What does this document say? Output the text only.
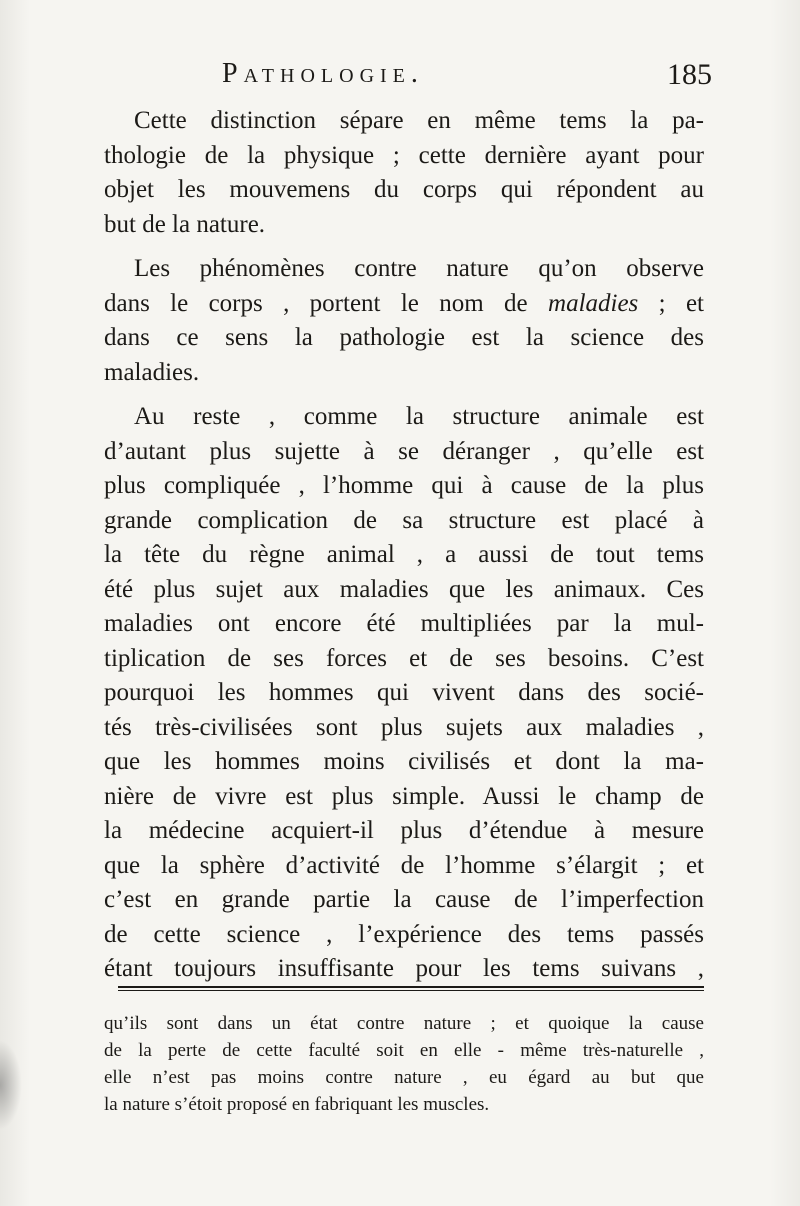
Pathologie.	185
Cette distinction sépare en même tems la pa-
thologie de la physique ; cette dernière ayant pour
objet les mouvemens du corps qui répondent au
but de la nature.
Les phénomènes contre nature qu’on observe
dans le corps , portent le nom de maladies ; et
dans ce sens la pathologie est la science des
maladies.
Au reste , comme la structure animale est
d’autant plus sujette à se déranger , qu’elle est
plus compliquée , l’homme qui à cause de la plus
grande complication de sa structure est placé à
la tête du règne animal , a aussi de tout tems
été plus sujet aux maladies que les animaux. Ces
maladies ont encore été multipliées par la mul-
tiplication de ses forces et de ses besoins. C’est
pourquoi les hommes qui vivent dans des socié-
tés très-civilisées sont plus sujets aux maladies ,
que les hommes moins civilisés et dont la ma-
nière de vivre est plus simple. Aussi le champ de
la médecine acquiert-il plus d’étendue à mesure
que la sphère d’activité de l’homme s’élargit ; et
c’est en grande partie la cause de l’imperfection
de cette science , l’expérience des tems passés
étant toujours insuffisante pour les tems suivans ,
qu’ils sont dans un état contre nature ; et quoique la cause
de la perte de cette faculté soit en elle - même très-naturelle ,
elle n’est pas moins contre nature , eu égard au but que
la nature s’étoit proposé en fabriquant les muscles.
